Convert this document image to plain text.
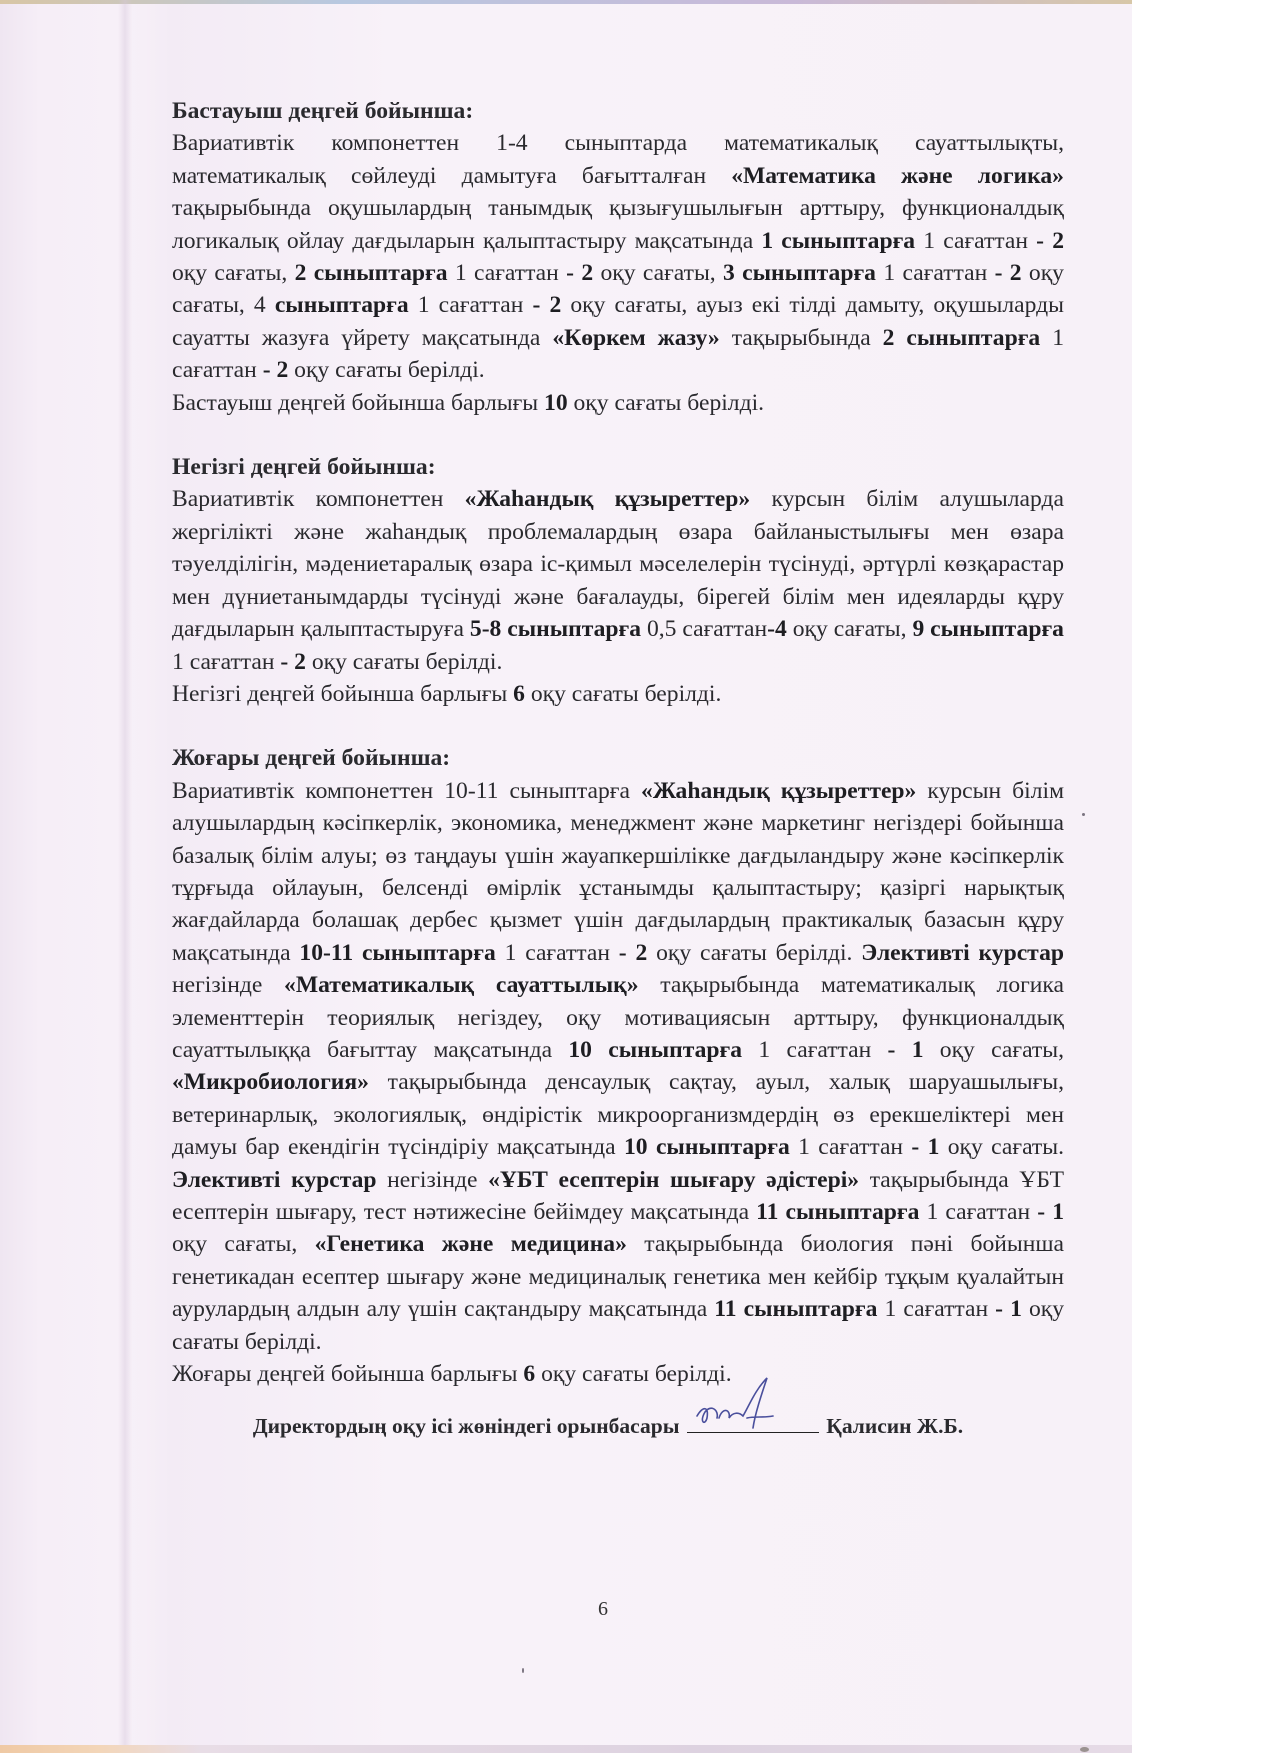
Бастауыш деңгей бойынша:

Вариативтік компонеттен 1-4 сыныптарда математикалық сауаттылықты, математикалық сөйлеуді дамытуға бағытталған «Математика және логика» тақырыбында оқушылардың танымдық қызығушылығын арттыру, функционалдық логикалық ойлау дағдыларын қалыптастыру мақсатында 1 сыныптарға 1 сағаттан - 2 оқу сағаты, 2 сыныптарға 1 сағаттан - 2 оқу сағаты, 3 сыныптарға 1 сағаттан - 2 оқу сағаты, 4 сыныптарға 1 сағаттан - 2 оқу сағаты, ауыз екі тілді дамыту, оқушыларды сауатты жазуға үйрету мақсатында «Көркем жазу» тақырыбында 2 сыныптарға 1 сағаттан - 2 оқу сағаты берілді.

Бастауыш деңгей бойынша барлығы 10 оқу сағаты берілді.

Негізгі деңгей бойынша:

Вариативтік компонеттен «Жаһандық құзыреттер» курсын білім алушыларда жергілікті және жаһандық проблемалардың өзара байланыстылығы мен өзара тәуелділігін, мәдениетаралық өзара іс-қимыл мәселелерін түсінуді, әртүрлі көзқарастар мен дүниетанымдарды түсінуді және бағалауды, бірегей білім мен идеяларды құру дағдыларын қалыптастыруға 5-8 сыныптарға 0,5 сағаттан-4 оқу сағаты, 9 сыныптарға 1 сағаттан - 2 оқу сағаты берілді.

Негізгі деңгей бойынша барлығы 6 оқу сағаты берілді.

Жоғары деңгей бойынша:

Вариативтік компонеттен 10-11 сыныптарға «Жаһандық құзыреттер» курсын білім алушылардың кәсіпкерлік, экономика, менеджмент және маркетинг негіздері бойынша базалық білім алуы; өз таңдауы үшін жауапкершілікке дағдыландыру және кәсіпкерлік тұрғыда ойлауын, белсенді өмірлік ұстанымды қалыптастыру; қазіргі нарықтық жағдайларда болашақ дербес қызмет үшін дағдылардың практикалық базасын құру мақсатында 10-11 сыныптарға 1 сағаттан - 2 оқу сағаты берілді. Элективті курстар негізінде «Математикалық сауаттылық» тақырыбында математикалық логика элементтерін теориялық негіздеу, оқу мотивациясын арттыру, функционалдық сауаттылыққа бағыттау мақсатында 10 сыныптарға 1 сағаттан - 1 оқу сағаты, «Микробиология» тақырыбында денсаулық сақтау, ауыл, халық шаруашылығы, ветеринарлық, экологиялық, өндірістік микроорганизмдердің өз ерекшеліктері мен дамуы бар екендігін түсіндіріу мақсатында 10 сыныптарға 1 сағаттан - 1 оқу сағаты. Элективті курстар негізінде «ҰБТ есептерін шығару әдістері» тақырыбында ҰБТ есептерін шығару, тест нәтижесіне бейімдеу мақсатында 11 сыныптарға 1 сағаттан - 1 оқу сағаты, «Генетика және медицина» тақырыбында биология пәні бойынша генетикадан есептер шығару және медициналық генетика мен кейбір тұқым қуалайтын аурулардың алдын алу үшін сақтандыру мақсатында 11 сыныптарға 1 сағаттан - 1 оқу сағаты берілді.

Жоғары деңгей бойынша барлығы 6 оқу сағаты берілді.

Директордың оқу ісі жөніндегі орынбасары	Қалисин Ж.Б.
6
